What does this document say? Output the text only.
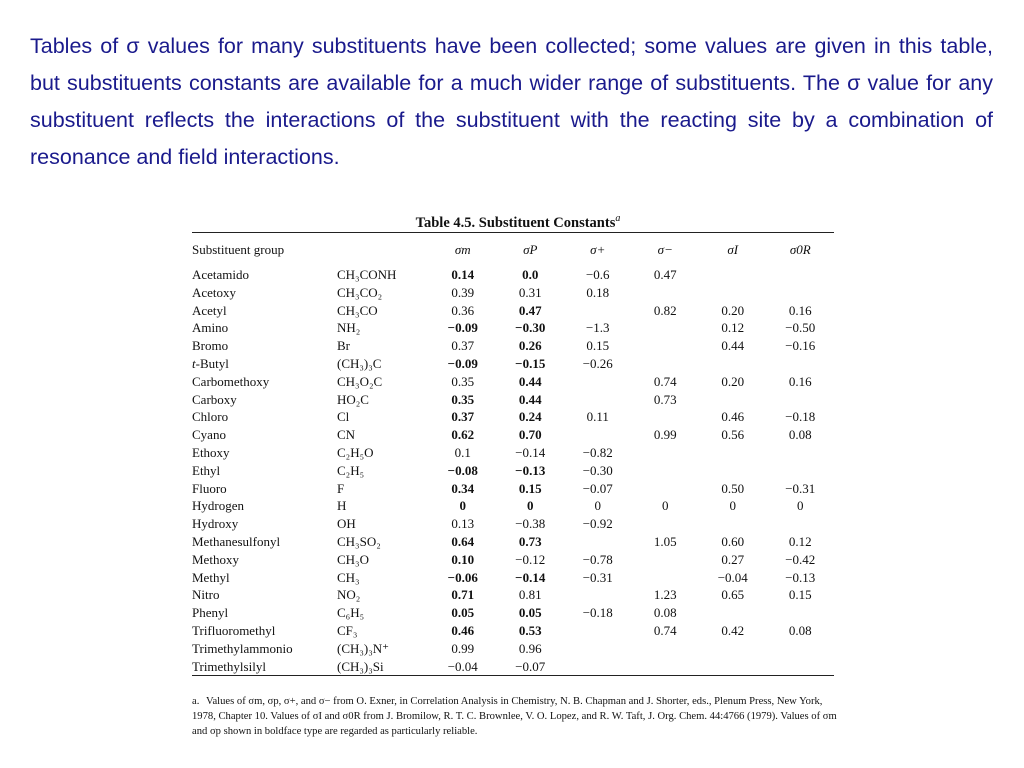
Tables of σ values for many substituents have been collected; some values are given in this table, but substituents constants are available for a much wider range of substituents. The σ value for any substituent reflects the interactions of the substituent with the reacting site by a combination of resonance and field interactions.

Table 4.5. Substituent Constants$^a$
Substituent group		σm	σP	σ+	σ−	σI	σ0R
Acetamido	CH₃CONH	0.14	0.0	−0.6	0.47		
Acetoxy	CH₃CO₂	0.39	0.31	0.18			
Acetyl	CH₃CO	0.36	0.47		0.82	0.20	0.16
Amino	NH₂	−0.09	−0.30	−1.3		0.12	−0.50
Bromo	Br	0.37	0.26	0.15		0.44	−0.16
t-Butyl	(CH₃)₃C	−0.09	−0.15	−0.26			
Carbomethoxy	CH₃O₂C	0.35	0.44		0.74	0.20	0.16
Carboxy	HO₂C	0.35	0.44		0.73		
Chloro	Cl	0.37	0.24	0.11		0.46	−0.18
Cyano	CN	0.62	0.70		0.99	0.56	0.08
Ethoxy	C₂H₅O	0.1	−0.14	−0.82			
Ethyl	C₂H₅	−0.08	−0.13	−0.30			
Fluoro	F	0.34	0.15	−0.07		0.50	−0.31
Hydrogen	H	0	0	0	0	0	0
Hydroxy	OH	0.13	−0.38	−0.92			
Methanesulfonyl	CH₃SO₂	0.64	0.73		1.05	0.60	0.12
Methoxy	CH₃O	0.10	−0.12	−0.78		0.27	−0.42
Methyl	CH₃	−0.06	−0.14	−0.31		−0.04	−0.13
Nitro	NO₂	0.71	0.81		1.23	0.65	0.15
Phenyl	C₆H₅	0.05	0.05	−0.18	0.08		
Trifluoromethyl	CF₃	0.46	0.53		0.74	0.42	0.08
Trimethylammonio	(CH₃)₃N⁺	0.99	0.96				
Trimethylsilyl	(CH₃)₃Si	−0.04	−0.07				
a. Values of σm, σp, σ+, and σ− from O. Exner, in Correlation Analysis in Chemistry, N. B. Chapman and J. Shorter, eds., Plenum Press, New York, 1978, Chapter 10. Values of σI and σ0R from J. Bromilow, R. T. C. Brownlee, V. O. Lopez, and R. W. Taft, J. Org. Chem. 44:4766 (1979). Values of σm and σp shown in boldface type are regarded as particularly reliable.
